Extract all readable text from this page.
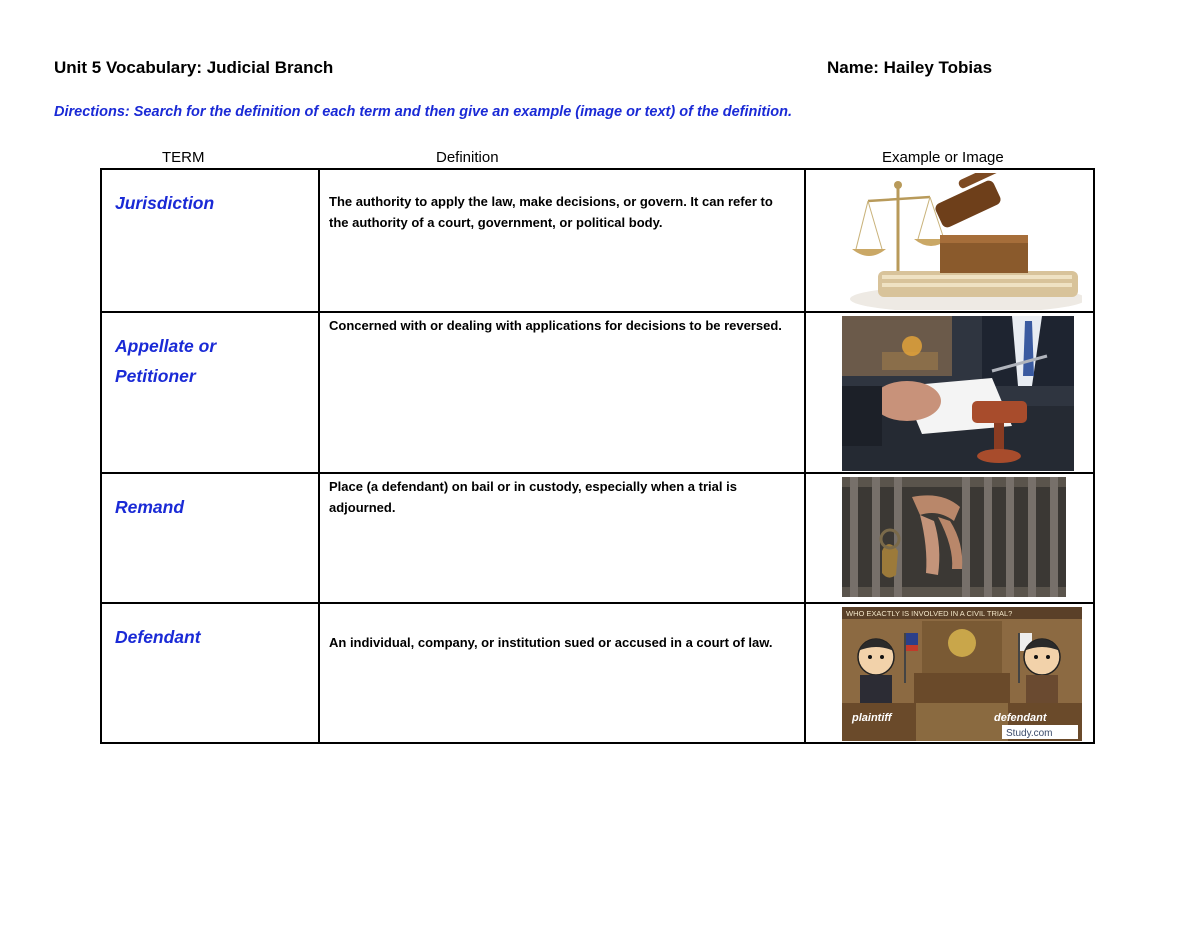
Unit 5 Vocabulary: Judicial Branch	Name: Hailey Tobias
Directions: Search for the definition of each term and then give an example (image or text) of the definition.
TERM	Definition	Example or Image
Jurisdiction	The authority to apply the law, make decisions, or govern. It can refer to the authority of a court, government, or political body.

Appellate or Petitioner	Concerned with or dealing with applications for decisions to be reversed.

Remand	Place (a defendant) on bail or in custody, especially when a trial is adjourned.

Defendant	An individual, company, or institution sued or accused in a court of law.	WHO EXACTLY IS INVOLVED IN A CIVIL TRIAL?
plaintiff defendant
Study.com
